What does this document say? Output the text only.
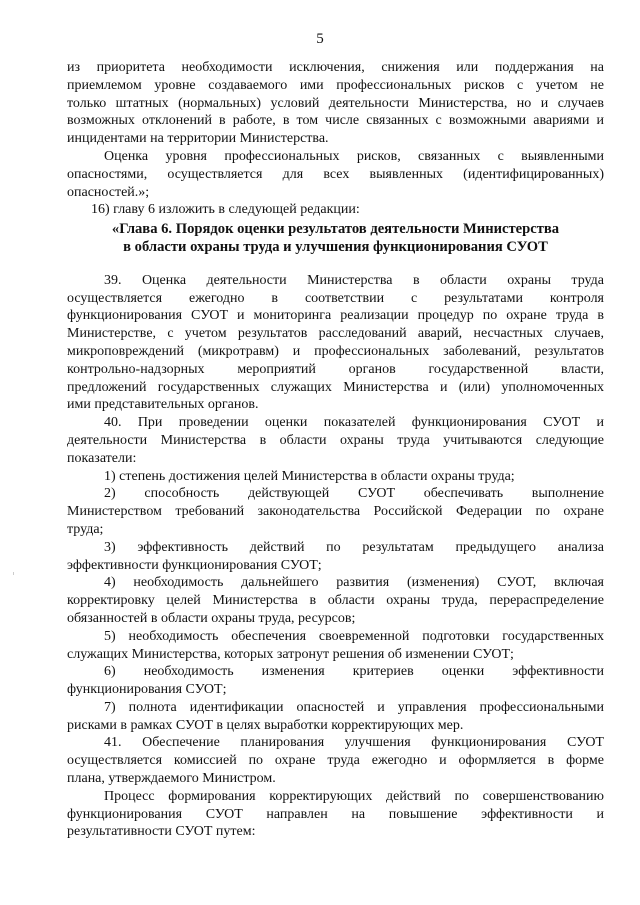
5
из приоритета необходимости исключения, снижения или поддержания на
приемлемом уровне создаваемого ими профессиональных рисков с учетом не
только штатных (нормальных) условий деятельности Министерства, но и случаев
возможных отклонений в работе, в том числе связанных с возможными авариями и
инцидентами на территории Министерства.
Оценка уровня профессиональных рисков, связанных с выявленными
опасностями, осуществляется для всех выявленных (идентифицированных)
опасностей.»;
16) главу 6 изложить в следующей редакции:
«Глава 6. Порядок оценки результатов деятельности Министерства
в области охраны труда и улучшения функционирования СУОТ
39. Оценка деятельности Министерства в области охраны труда
осуществляется ежегодно в соответствии с результатами контроля
функционирования СУОТ и мониторинга реализации процедур по охране труда в
Министерстве, с учетом результатов расследований аварий, несчастных случаев,
микроповреждений (микротравм) и профессиональных заболеваний, результатов
контрольно-надзорных мероприятий органов государственной власти,
предложений государственных служащих Министерства и (или) уполномоченных
ими представительных органов.
40. При проведении оценки показателей функционирования СУОТ и
деятельности Министерства в области охраны труда учитываются следующие
показатели:
1) степень достижения целей Министерства в области охраны труда;
2) способность действующей СУОТ обеспечивать выполнение
Министерством требований законодательства Российской Федерации по охране
труда;
3) эффективность действий по результатам предыдущего анализа
эффективности функционирования СУОТ;
4) необходимость дальнейшего развития (изменения) СУОТ, включая
корректировку целей Министерства в области охраны труда, перераспределение
обязанностей в области охраны труда, ресурсов;
5) необходимость обеспечения своевременной подготовки государственных
служащих Министерства, которых затронут решения об изменении СУОТ;
6) необходимость изменения критериев оценки эффективности
функционирования СУОТ;
7) полнота идентификации опасностей и управления профессиональными
рисками в рамках СУОТ в целях выработки корректирующих мер.
41. Обеспечение планирования улучшения функционирования СУОТ
осуществляется комиссией по охране труда ежегодно и оформляется в форме
плана, утверждаемого Министром.
Процесс формирования корректирующих действий по совершенствованию
функционирования СУОТ направлен на повышение эффективности и
результативности СУОТ путем:
